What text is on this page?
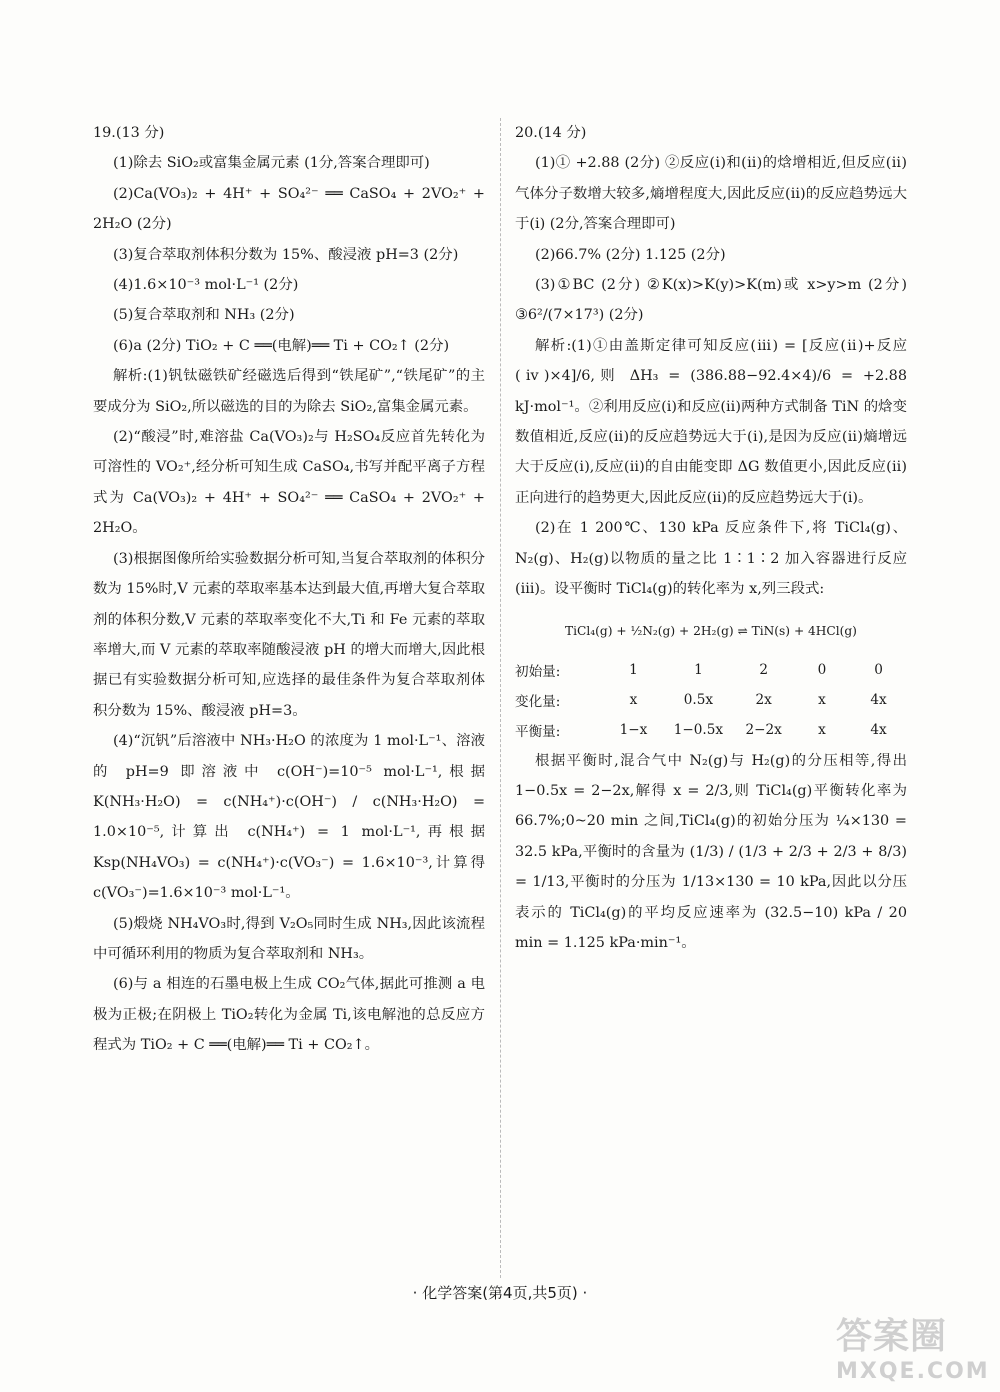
19.(13 分)

(1)除去 SiO₂或富集金属元素 (1分,答案合理即可)

(2)Ca(VO₃)₂ + 4H⁺ + SO₄²⁻ ══ CaSO₄ + 2VO₂⁺ + 2H₂O (2分)

(3)复合萃取剂体积分数为 15%、酸浸液 pH=3 (2分)

(4)1.6×10⁻³ mol·L⁻¹ (2分)

(5)复合萃取剂和 NH₃ (2分)

(6)a (2分) TiO₂ + C ══(电解)══ Ti + CO₂↑ (2分)

解析:(1)钒钛磁铁矿经磁选后得到“铁尾矿”,“铁尾矿”的主要成分为 SiO₂,所以磁选的目的为除去 SiO₂,富集金属元素。

(2)“酸浸”时,难溶盐 Ca(VO₃)₂与 H₂SO₄反应首先转化为可溶性的 VO₂⁺,经分析可知生成 CaSO₄,书写并配平离子方程式为 Ca(VO₃)₂ + 4H⁺ + SO₄²⁻ ══ CaSO₄ + 2VO₂⁺ + 2H₂O。

(3)根据图像所给实验数据分析可知,当复合萃取剂的体积分数为 15%时,V 元素的萃取率基本达到最大值,再增大复合萃取剂的体积分数,V 元素的萃取率变化不大,Ti 和 Fe 元素的萃取率增大,而 V 元素的萃取率随酸浸液 pH 的增大而增大,因此根据已有实验数据分析可知,应选择的最佳条件为复合萃取剂体积分数为 15%、酸浸液 pH=3。

(4)“沉钒”后溶液中 NH₃·H₂O 的浓度为 1 mol·L⁻¹、溶液的 pH=9 即溶液中 c(OH⁻)=10⁻⁵ mol·L⁻¹,根据 K(NH₃·H₂O) = c(NH₄⁺)·c(OH⁻) / c(NH₃·H₂O) = 1.0×10⁻⁵,计算出 c(NH₄⁺) = 1 mol·L⁻¹,再根据 Ksp(NH₄VO₃) = c(NH₄⁺)·c(VO₃⁻) = 1.6×10⁻³,计算得 c(VO₃⁻)=1.6×10⁻³ mol·L⁻¹。

(5)煅烧 NH₄VO₃时,得到 V₂O₅同时生成 NH₃,因此该流程中可循环利用的物质为复合萃取剂和 NH₃。

(6)与 a 相连的石墨电极上生成 CO₂气体,据此可推测 a 电极为正极;在阴极上 TiO₂转化为金属 Ti,该电解池的总反应方程式为 TiO₂ + C ══(电解)══ Ti + CO₂↑。

20.(14 分)

(1)① +2.88 (2分) ②反应(ⅰ)和(ⅱ)的焓增相近,但反应(ⅱ)气体分子数增大较多,熵增程度大,因此反应(ⅱ)的反应趋势远大于(ⅰ) (2分,答案合理即可)

(2)66.7% (2分) 1.125 (2分)

(3)①BC (2分) ②K(x)>K(y)>K(m)或 x>y>m (2分) ③6²/(7×17³) (2分)

解析:(1)①由盖斯定律可知反应(ⅲ) = [反应(ⅱ)+反应(ⅳ)×4]/6,则 ΔH₃ = (386.88−92.4×4)/6 = +2.88 kJ·mol⁻¹。②利用反应(ⅰ)和反应(ⅱ)两种方式制备 TiN 的焓变数值相近,反应(ⅱ)的反应趋势远大于(ⅰ),是因为反应(ⅱ)熵增远大于反应(ⅰ),反应(ⅱ)的自由能变即 ΔG 数值更小,因此反应(ⅱ)正向进行的趋势更大,因此反应(ⅱ)的反应趋势远大于(ⅰ)。

(2)在 1 200℃、130 kPa 反应条件下,将 TiCl₄(g)、N₂(g)、H₂(g)以物质的量之比 1∶1∶2 加入容器进行反应(ⅲ)。设平衡时 TiCl₄(g)的转化率为 x,列三段式:

TiCl₄(g) + ½N₂(g) + 2H₂(g) ⇌ TiN(s) + 4HCl(g)

初始量:	1	1	2	0	0
变化量:	x	0.5x	2x	x	4x
平衡量:	1−x	1−0.5x	2−2x	x	4x

根据平衡时,混合气中 N₂(g)与 H₂(g)的分压相等,得出 1−0.5x = 2−2x,解得 x = 2/3,则 TiCl₄(g)平衡转化率为 66.7%;0~20 min 之间,TiCl₄(g)的初始分压为 ¼×130 = 32.5 kPa,平衡时的含量为 (1/3) / (1/3 + 2/3 + 2/3 + 8/3) = 1/13,平衡时的分压为 1/13×130 = 10 kPa,因此以分压表示的 TiCl₄(g)的平均反应速率为 (32.5−10) kPa / 20 min = 1.125 kPa·min⁻¹。

· 化学答案(第4页,共5页) ·
答案圈
MXQE.COM
